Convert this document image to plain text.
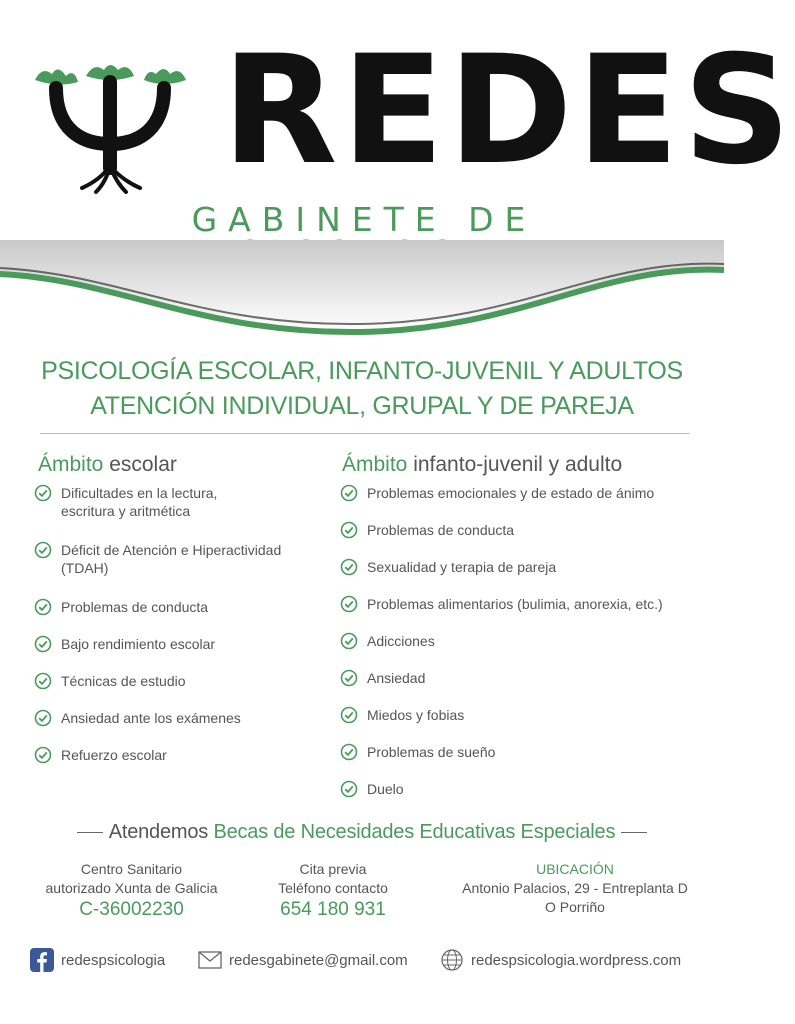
REDES
GABINETE DE
PSICOLOGÍA ESCOLAR, INFANTO-JUVENIL Y ADULTOS
ATENCIÓN INDIVIDUAL, GRUPAL Y DE PAREJA
Ámbito escolar	Ámbito infanto-juvenil y adulto
Dificultades en la lectura, escritura y aritmética
Déficit de Atención e Hiperactividad (TDAH)
Problemas de conducta
Bajo rendimiento escolar
Técnicas de estudio
Ansiedad ante los exámenes
Refuerzo escolar
Problemas emocionales y de estado de ánimo
Problemas de conducta
Sexualidad y terapia de pareja
Problemas alimentarios (bulimia, anorexia, etc.)
Adicciones
Ansiedad
Miedos y fobias
Problemas de sueño
Duelo
Atendemos Becas de Necesidades Educativas Especiales
Centro Sanitario
autorizado Xunta de Galicia
C-36002230
Cita previa
Teléfono contacto
654 180 931
UBICACIÓN
Antonio Palacios, 29 - Entreplanta D
O Porriño
redespsicologia	redesgabinete@gmail.com	redespsicologia.wordpress.com
